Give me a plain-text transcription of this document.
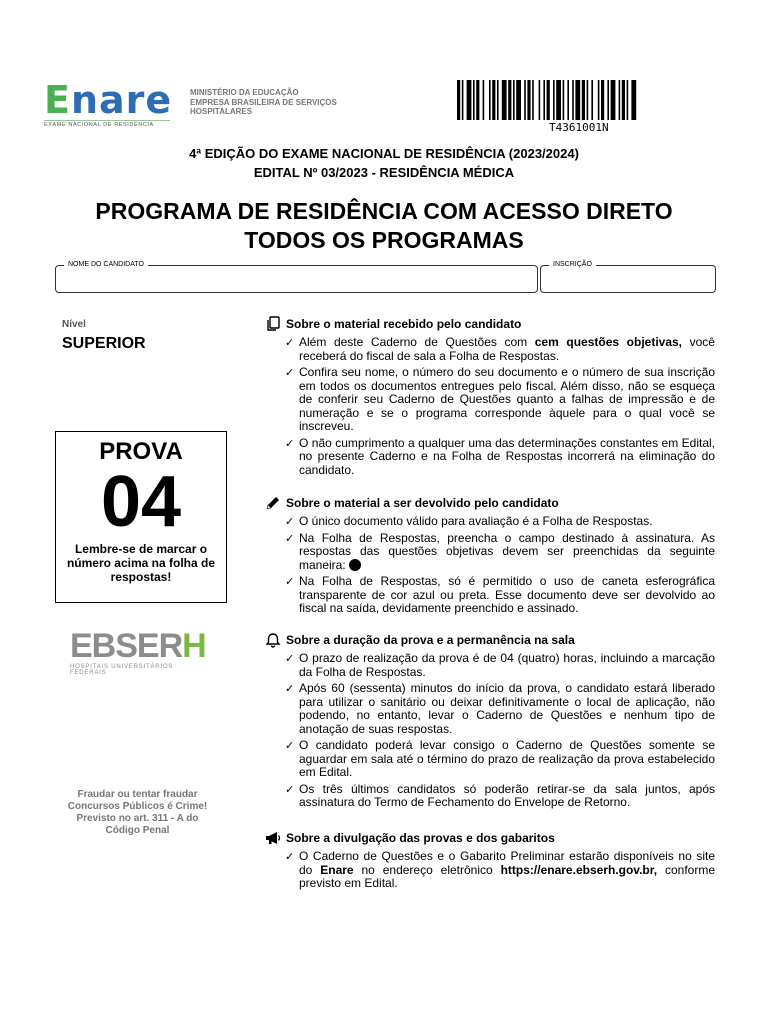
Enare
EXAME NACIONAL DE RESIDÊNCIA
MINISTÉRIO DA EDUCAÇÃO
EMPRESA BRASILEIRA DE SERVIÇOS
HOSPITALARES
T4361001N
4ª EDIÇÃO DO EXAME NACIONAL DE RESIDÊNCIA (2023/2024)
EDITAL Nº 03/2023 - RESIDÊNCIA MÉDICA
PROGRAMA DE RESIDÊNCIA COM ACESSO DIRETO
TODOS OS PROGRAMAS
NOME DO CANDIDATO	INSCRIÇÃO
Nível
SUPERIOR
PROVA
04
Lembre-se de marcar o número acima na folha de respostas!
EBSERH
HOSPITAIS UNIVERSITÁRIOS FEDERAIS
Fraudar ou tentar fraudar Concursos Públicos é Crime! Previsto no art. 311 - A do Código Penal
Sobre o material recebido pelo candidato
✓ Além deste Caderno de Questões com cem questões objetivas, você receberá do fiscal de sala a Folha de Respostas.
✓ Confira seu nome, o número do seu documento e o número de sua inscrição em todos os documentos entregues pelo fiscal. Além disso, não se esqueça de conferir seu Caderno de Questões quanto a falhas de impressão e de numeração e se o programa corresponde àquele para o qual você se inscreveu.
✓ O não cumprimento a qualquer uma das determinações constantes em Edital, no presente Caderno e na Folha de Respostas incorrerá na eliminação do candidato.
Sobre o material a ser devolvido pelo candidato
✓ O único documento válido para avaliação é a Folha de Respostas.
✓ Na Folha de Respostas, preencha o campo destinado à assinatura. As respostas das questões objetivas devem ser preenchidas da seguinte maneira:
✓ Na Folha de Respostas, só é permitido o uso de caneta esferográfica transparente de cor azul ou preta. Esse documento deve ser devolvido ao fiscal na saída, devidamente preenchido e assinado.
Sobre a duração da prova e a permanência na sala
✓ O prazo de realização da prova é de 04 (quatro) horas, incluindo a marcação da Folha de Respostas.
✓ Após 60 (sessenta) minutos do início da prova, o candidato estará liberado para utilizar o sanitário ou deixar definitivamente o local de aplicação, não podendo, no entanto, levar o Caderno de Questões e nenhum tipo de anotação de suas respostas.
✓ O candidato poderá levar consigo o Caderno de Questões somente se aguardar em sala até o término do prazo de realização da prova estabelecido em Edital.
✓ Os três últimos candidatos só poderão retirar-se da sala juntos, após assinatura do Termo de Fechamento do Envelope de Retorno.
Sobre a divulgação das provas e dos gabaritos
✓ O Caderno de Questões e o Gabarito Preliminar estarão disponíveis no site do Enare no endereço eletrônico https://enare.ebserh.gov.br, conforme previsto em Edital.
